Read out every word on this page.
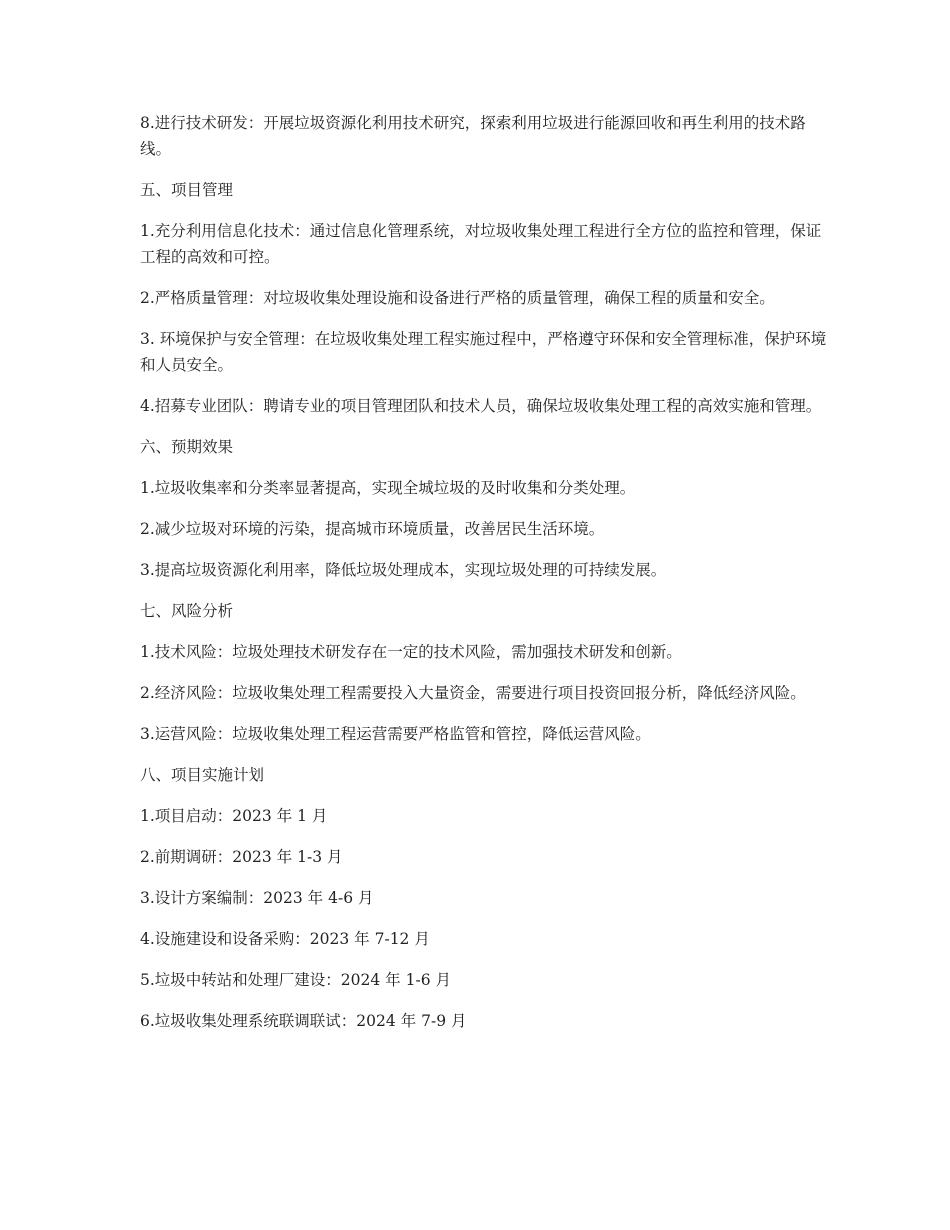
8.进行技术研发：开展垃圾资源化利用技术研究，探索利用垃圾进行能源回收和再生利用的技术路线。

五、项目管理

1.充分利用信息化技术：通过信息化管理系统，对垃圾收集处理工程进行全方位的监控和管理，保证工程的高效和可控。

2.严格质量管理：对垃圾收集处理设施和设备进行严格的质量管理，确保工程的质量和安全。

3. 环境保护与安全管理：在垃圾收集处理工程实施过程中，严格遵守环保和安全管理标准，保护环境和人员安全。

4.招募专业团队：聘请专业的项目管理团队和技术人员，确保垃圾收集处理工程的高效实施和管理。

六、预期效果

1.垃圾收集率和分类率显著提高，实现全城垃圾的及时收集和分类处理。

2.减少垃圾对环境的污染，提高城市环境质量，改善居民生活环境。

3.提高垃圾资源化利用率，降低垃圾处理成本，实现垃圾处理的可持续发展。

七、风险分析

1.技术风险：垃圾处理技术研发存在一定的技术风险，需加强技术研发和创新。

2.经济风险：垃圾收集处理工程需要投入大量资金，需要进行项目投资回报分析，降低经济风险。

3.运营风险：垃圾收集处理工程运营需要严格监管和管控，降低运营风险。

八、项目实施计划

1.项目启动：2023 年 1 月

2.前期调研：2023 年 1-3 月

3.设计方案编制：2023 年 4-6 月

4.设施建设和设备采购：2023 年 7-12 月

5.垃圾中转站和处理厂建设：2024 年 1-6 月

6.垃圾收集处理系统联调联试：2024 年 7-9 月
